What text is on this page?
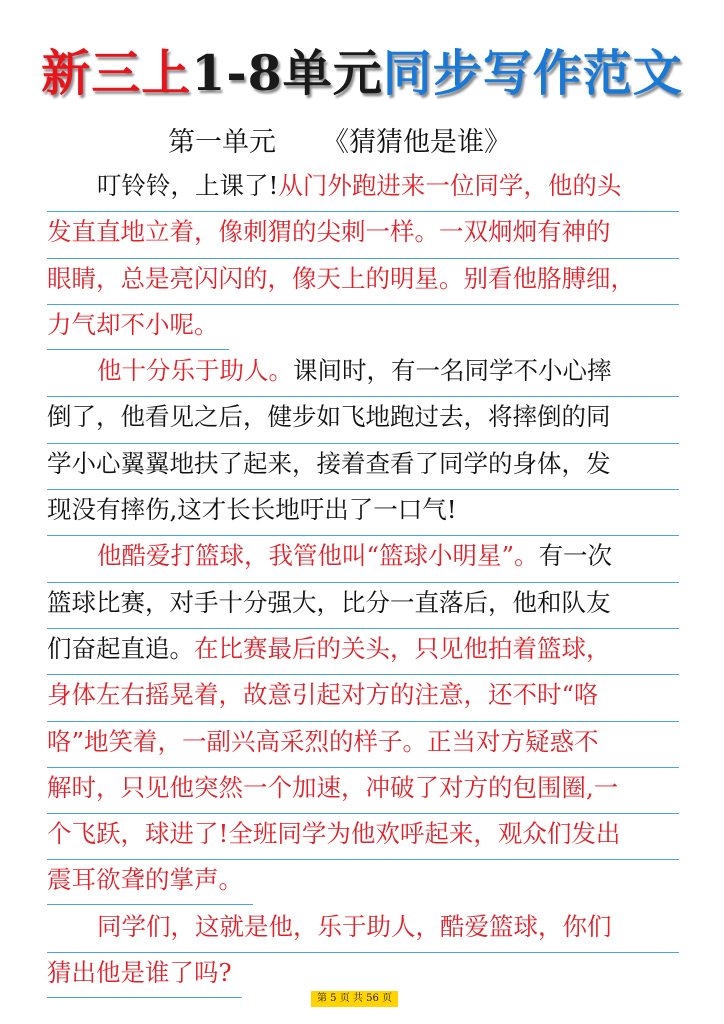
新三上1-8单元同步写作范文
第一单元 《猜猜他是谁》
叮铃铃，上课了!从门外跑进来一位同学，他的头
发直直地立着，像刺猬的尖刺一样。一双炯炯有神的
眼睛，总是亮闪闪的，像天上的明星。别看他胳膊细，
力气却不小呢。
他十分乐于助人。课间时，有一名同学不小心摔
倒了，他看见之后，健步如飞地跑过去，将摔倒的同
学小心翼翼地扶了起来，接着查看了同学的身体，发
现没有摔伤,这才长长地吁出了一口气!
他酷爱打篮球，我管他叫“篮球小明星”。有一次
篮球比赛，对手十分强大，比分一直落后，他和队友
们奋起直追。在比赛最后的关头，只见他拍着篮球，
身体左右摇晃着，故意引起对方的注意，还不时“咯
咯”地笑着，一副兴高采烈的样子。正当对方疑惑不
解时，只见他突然一个加速，冲破了对方的包围圈,一
个飞跃，球进了!全班同学为他欢呼起来，观众们发出
震耳欲聋的掌声。
同学们，这就是他，乐于助人，酷爱篮球，你们
猜出他是谁了吗?
第 5 页 共 56 页
